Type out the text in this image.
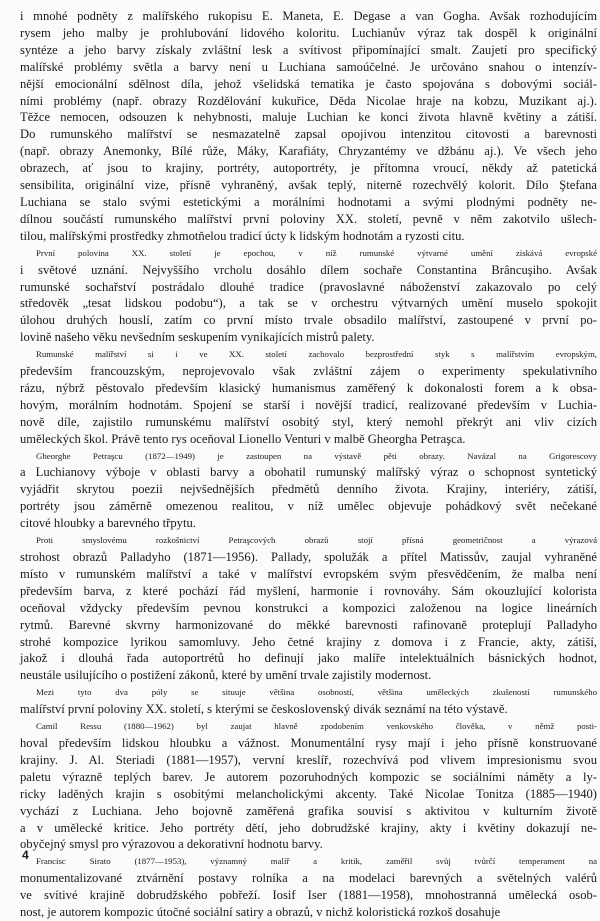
i mnohé podněty z malířského rukopisu E. Maneta, E. Degase a van Gogha. Avšak rozhodujícím
rysem jeho malby je prohlubování lidového koloritu. Luchianův výraz tak dospěl k originální
syntéze a jeho barvy získaly zvláštní lesk a svítivost připomínající smalt. Zaujetí pro specifický
malířské problémy světla a barvy není u Luchiana samoúčelné. Je určováno snahou o intenzív-
nější emocionální sdělnost díla, jehož všelidská tematika je často spojována s dobovými sociál-
ními problémy (např. obrazy Rozdělování kukuřice, Děda Nicolae hraje na kobzu, Muzikant aj.).
Těžce nemocen, odsouzen k nehybnosti, maluje Luchian ke konci života hlavně květiny a zátiší.
Do rumunského malířství se nesmazatelně zapsal opojivou intenzitou citovosti a barevnosti
(např. obrazy Anemonky, Bílé růže, Máky, Karafiáty, Chryzantémy ve džbánu aj.). Ve všech jeho
obrazech, ať jsou to krajiny, portréty, autoportréty, je přítomna vroucí, někdy až patetická
sensibilita, originální vize, přísně vyhraněný, avšak teplý, niterně rozechvělý kolorit. Dílo Ştefana
Luchiana se stalo svými estetickými a morálními hodnotami a svými plodnými podněty ne-
dílnou součástí rumunského malířství první poloviny XX. století, pevně v něm zakotvilo ušlech-
tilou, malířskými prostředky zhmotňelou tradicí úcty k lidským hodnotám a ryzosti citu.

První polovina XX. století je epochou, v níž rumunské výtvarné umění získává evropské
i světové uznání. Nejvyššího vrcholu dosáhlo dílem sochaře Constantina Brâncuşiho. Avšak
rumunské sochařství postrádalo dlouhé tradice (pravoslavné náboženství zakazovalo po celý
středověk „tesat lidskou podobu“), a tak se v orchestru výtvarných umění muselo spokojit
úlohou druhých houslí, zatím co první místo trvale obsadilo malířství, zastoupené v první po-
lovině našeho věku nevšedním seskupením vynikajících mistrů palety.

Rumunské malířství si i ve XX. století zachovalo bezprostřední styk s malířstvím evropským,
především francouzským, neprojevovalo však zvláštní zájem o experimenty spekulativního
rázu, nýbrž pěstovalo především klasický humanismus zaměřený k dokonalosti forem a k obsa-
hovým, morálním hodnotám. Spojení se starší i novější tradicí, realizované především v Luchia-
nově díle, zajistilo rumunskému malířství osobitý styl, který nemohl překrýt ani vliv cizích
uměleckých škol. Právě tento rys oceňoval Lionello Venturi v malbě Gheorgha Petraşca.

Gheorghe Petraşcu (1872—1949) je zastoupen na výstavě pěti obrazy. Navázal na Grigorescovy
a Luchianovy výboje v oblasti barvy a obohatil rumunský malířský výraz o schopnost syntetický
vyjádřit skrytou poezii nejvšednějších předmětů denního života. Krajiny, interiéry, zátiší,
portréty jsou záměrně omezenou realitou, v níž umělec objevuje pohádkový svět nečekané
citové hloubky a barevného třpytu.

Proti smyslovému rozkošnictví Petraşcových obrazů stojí přísná geometričnost a výrazová
strohost obrazů Palladyho (1871—1956). Pallady, spolužák a přítel Matissův, zaujal vyhraněné
místo v rumunském malířství a také v malířství evropském svým přesvědčením, že malba není
především barva, z které pochází řád myšlení, harmonie i rovnováhy. Sám okouzlující kolorista
oceňoval vždycky především pevnou konstrukci a kompozici založenou na logice lineárních
rytmů. Barevné skvrny harmonizované do měkké barevnosti rafinovaně proteplují Palladyho
strohé kompozice lyrikou samomluvy. Jeho četné krajiny z domova i z Francie, akty, zátiší,
jakož i dlouhá řada autoportrétů ho definují jako malíře intelektuálních básnických hodnot,
neustále usilujícího o postižení zákonů, které by umění trvale zajistily modernost.

Mezi tyto dva póly se situuje většina osobností, většina uměleckých zkušeností rumunského
malířství první poloviny XX. století, s kterými se československý divák seznámí na této výstavě.

Camil Ressu (1880—1962) byl zaujat hlavně zpodobením venkovského člověka, v němž posti-
hoval především lidskou hloubku a vážnost. Monumentální rysy mají i jeho přísně konstruované
krajiny. J. Al. Steriadi (1881—1957), vervní kreslíř, rozechvívá pod vlivem impresionismu svou
paletu výrazně teplých barev. Je autorem pozoruhodných kompozic se sociálními náměty a ly-
ricky laděných krajin s osobitými melancholickými akcenty. Také Nicolae Tonitza (1885—1940)
vychází z Luchiana. Jeho bojovně zaměřená grafika souvisí s aktivitou v kulturním životě
a v umělecké kritice. Jeho portréty dětí, jeho dobrudžské krajiny, akty i květiny dokazují ne-
obyčejný smysl pro výrazovou a dekorativní hodnotu barvy.

Francisc Sirato (1877—1953), významný malíř a kritik, zaměřil svůj tvůrčí temperament na
monumentalizované ztvárnění postavy rolníka a na modelaci barevných a světelných valérů
ve svítivé krajině dobrudžského pobřeží. Iosif Iser (1881—1958), mnohostranná umělecká osob-
nost, je autorem kompozic útočné sociální satiry a obrazů, v nichž koloristická rozkoš dosahuje

4
